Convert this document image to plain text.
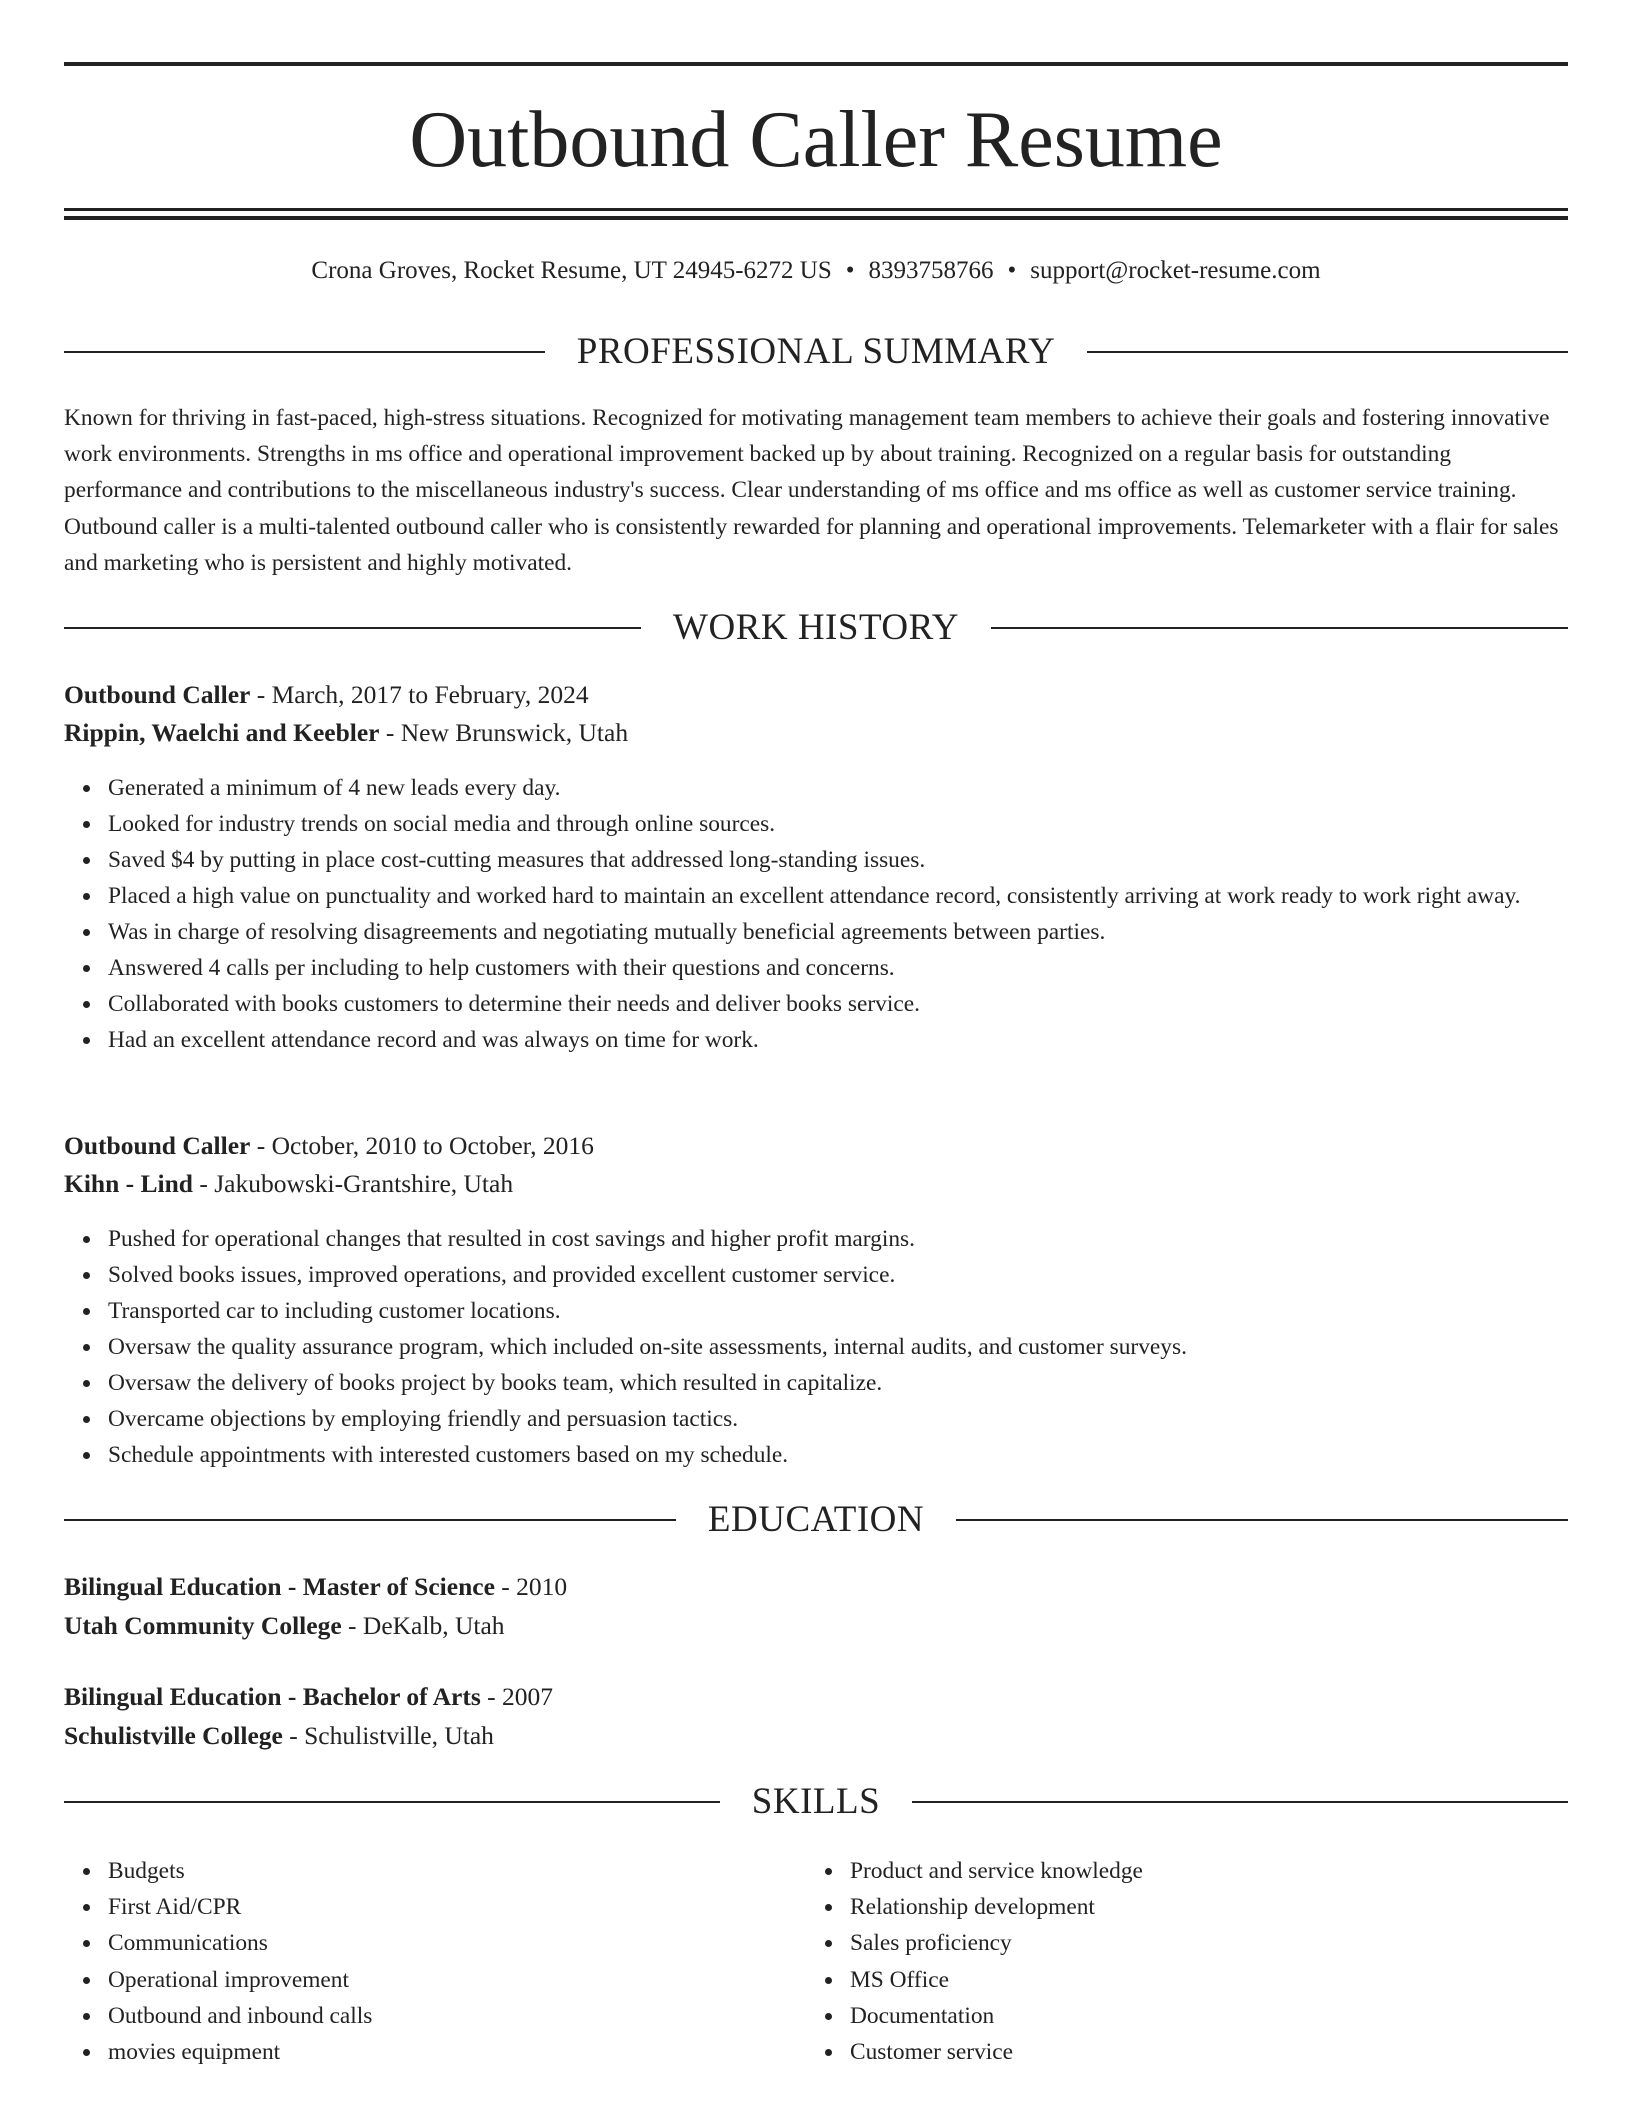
Outbound Caller Resume
Crona Groves, Rocket Resume, UT 24945-6272 US • 8393758766 • support@rocket-resume.com
PROFESSIONAL SUMMARY

Known for thriving in fast-paced, high-stress situations. Recognized for motivating management team members to achieve their goals and fostering innovative work environments. Strengths in ms office and operational improvement backed up by about training. Recognized on a regular basis for outstanding performance and contributions to the miscellaneous industry's success. Clear understanding of ms office and ms office as well as customer service training. Outbound caller is a multi-talented outbound caller who is consistently rewarded for planning and operational improvements. Telemarketer with a flair for sales and marketing who is persistent and highly motivated.

WORK HISTORY
Outbound Caller - March, 2017 to February, 2024
Rippin, Waelchi and Keebler - New Brunswick, Utah
Generated a minimum of 4 new leads every day.
Looked for industry trends on social media and through online sources.
Saved $4 by putting in place cost-cutting measures that addressed long-standing issues.
Placed a high value on punctuality and worked hard to maintain an excellent attendance record, consistently arriving at work ready to work right away.
Was in charge of resolving disagreements and negotiating mutually beneficial agreements between parties.
Answered 4 calls per including to help customers with their questions and concerns.
Collaborated with books customers to determine their needs and deliver books service.
Had an excellent attendance record and was always on time for work.
Outbound Caller - October, 2010 to October, 2016
Kihn - Lind - Jakubowski-Grantshire, Utah
Pushed for operational changes that resulted in cost savings and higher profit margins.
Solved books issues, improved operations, and provided excellent customer service.
Transported car to including customer locations.
Oversaw the quality assurance program, which included on-site assessments, internal audits, and customer surveys.
Oversaw the delivery of books project by books team, which resulted in capitalize.
Overcame objections by employing friendly and persuasion tactics.
Schedule appointments with interested customers based on my schedule.
EDUCATION
Bilingual Education - Master of Science - 2010
Utah Community College - DeKalb, Utah
Bilingual Education - Bachelor of Arts - 2007
Schulistville College - Schulistville, Utah
SKILLS
Budgets
First Aid/CPR
Communications
Operational improvement
Outbound and inbound calls
movies equipment
Product and service knowledge
Relationship development
Sales proficiency
MS Office
Documentation
Customer service
